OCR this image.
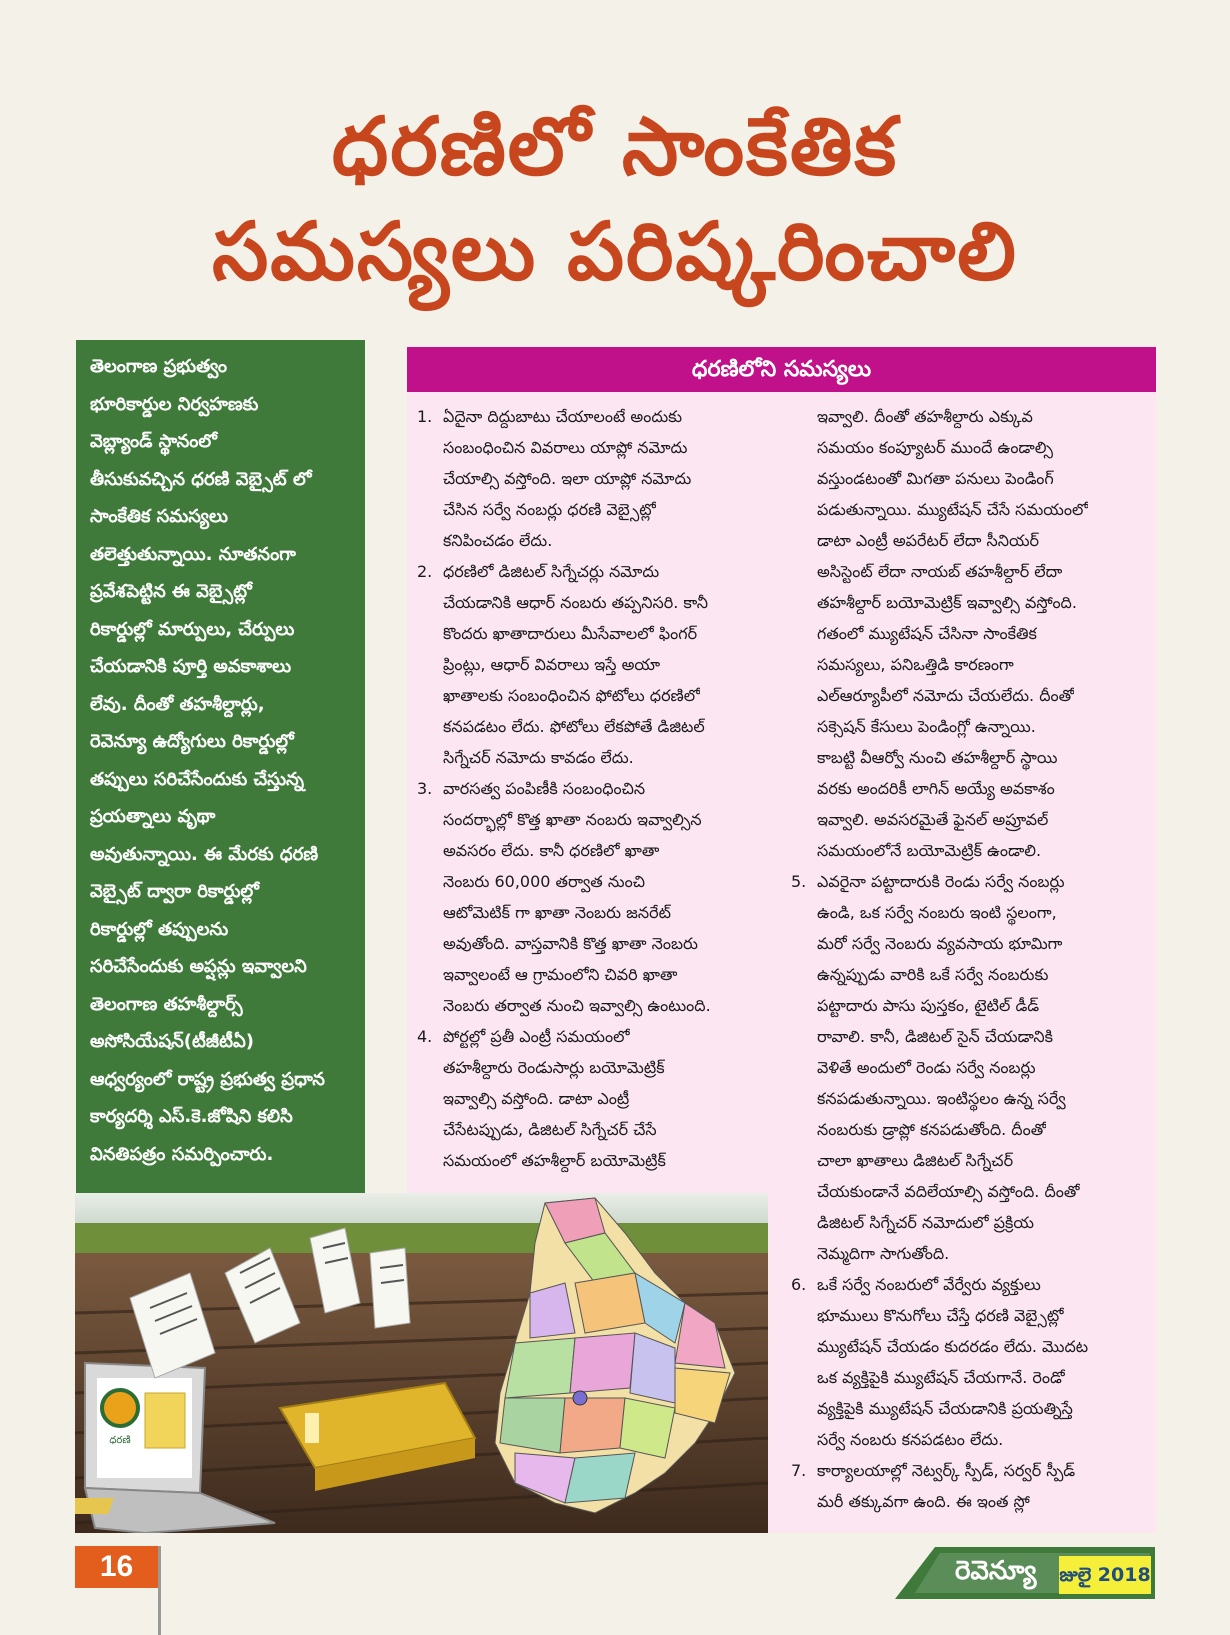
ధరణిలో సాంకేతిక
సమస్యలు పరిష్కరించాలి
తెలంగాణ ప్రభుత్వం
భూరికార్డుల నిర్వహణకు
వెబ్ల్యాండ్ స్థానంలో
తీసుకువచ్చిన ధరణి వెబ్సైట్ లో
సాంకేతిక సమస్యలు
తలెత్తుతున్నాయి. నూతనంగా
ప్రవేశపెట్టిన ఈ వెబ్సైట్లో
రికార్డుల్లో మార్పులు, చేర్పులు
చేయడానికి పూర్తి అవకాశాలు
లేవు. దీంతో తహశీల్దార్లు,
రెవెన్యూ ఉద్యోగులు రికార్డుల్లో
తప్పులు సరిచేసేందుకు చేస్తున్న
ప్రయత్నాలు వృథా
అవుతున్నాయి. ఈ మేరకు ధరణి
వెబ్సైట్ ద్వారా రికార్డుల్లో
రికార్డుల్లో తప్పులను
సరిచేసేందుకు అప్షన్లు ఇవ్వాలని
తెలంగాణ తహశీల్దార్స్
అసోసియేషన్(టీజీటీఏ)
ఆధ్వర్యంలో రాష్ట్ర ప్రభుత్వ ప్రధాన
కార్యదర్శి ఎస్.కె.జోషిని కలిసి
వినతిపత్రం సమర్పించారు.
ధరణిలోని సమస్యలు
1. ఏదైనా దిద్దుబాటు చేయాలంటే అందుకు
సంబంధించిన వివరాలు యాప్లో నమోదు
చేయాల్సి వస్తోంది. ఇలా యాప్లో నమోదు
చేసిన సర్వే నంబర్లు ధరణి వెబ్సైట్లో
కనిపించడం లేదు.
2. ధరణిలో డిజిటల్ సిగ్నేచర్లు నమోదు
చేయడానికి ఆధార్ నంబరు తప్పనిసరి. కానీ
కొందరు ఖాతాదారులు మీసేవాలలో ఫింగర్
ప్రింట్లు, ఆధార్ వివరాలు ఇస్తే అయా
ఖాతాలకు సంబంధించిన ఫోటోలు ధరణిలో
కనపడటం లేదు. ఫోటోలు లేకపోతే డిజిటల్
సిగ్నేచర్ నమోదు కావడం లేదు.
3. వారసత్వ పంపిణీకి సంబంధించిన
సందర్భాల్లో కొత్త ఖాతా నంబరు ఇవ్వాల్సిన
అవసరం లేదు. కానీ ధరణిలో ఖాతా
నెంబరు 60,000 తర్వాత నుంచి
ఆటోమెటిక్ గా ఖాతా నెంబరు జనరేట్
అవుతోంది. వాస్తవానికి కొత్త ఖాతా నెంబరు
ఇవ్వాలంటే ఆ గ్రామంలోని చివరి ఖాతా
నెంబరు తర్వాత నుంచి ఇవ్వాల్సి ఉంటుంది.
4. పోర్టల్లో ప్రతీ ఎంట్రీ సమయంలో
తహశీల్దారు రెండుసార్లు బయోమెట్రిక్
ఇవ్వాల్సి వస్తోంది. డాటా ఎంట్రీ
చేసేటప్పుడు, డిజిటల్ సిగ్నేచర్ చేసే
సమయంలో తహశీల్దార్ బయోమెట్రిక్
ఇవ్వాలి. దీంతో తహశీల్దారు ఎక్కువ
సమయం కంప్యూటర్ ముందే ఉండాల్సి
వస్తుండటంతో మిగతా పనులు పెండింగ్
పడుతున్నాయి. మ్యుటేషన్ చేసే సమయంలో
డాటా ఎంట్రీ అపరేటర్ లేదా సీనియర్
అసిస్టెంట్ లేదా నాయబ్ తహశీల్దార్ లేదా
తహశీల్దార్ బయోమెట్రిక్ ఇవ్వాల్సి వస్తోంది.
గతంలో మ్యుటేషన్ చేసినా సాంకేతిక
సమస్యలు, పనిఒత్తిడి కారణంగా
ఎల్ఆర్యూపీలో నమోదు చేయలేదు. దీంతో
సక్సెషన్ కేసులు పెండింగ్లో ఉన్నాయి.
కాబట్టి వీఆర్వో నుంచి తహశీల్దార్ స్థాయి
వరకు అందరికీ లాగిన్ అయ్యే అవకాశం
ఇవ్వాలి. అవసరమైతే ఫైనల్ అప్రూవల్
సమయంలోనే బయోమెట్రిక్ ఉండాలి.
5. ఎవరైనా పట్టాదారుకి రెండు సర్వే నంబర్లు
ఉండి, ఒక సర్వే నంబరు ఇంటి స్థలంగా,
మరో సర్వే నెంబరు వ్యవసాయ భూమిగా
ఉన్నప్పుడు వారికి ఒకే సర్వే నంబరుకు
పట్టాదారు పాసు పుస్తకం, టైటిల్ డీడ్
రావాలి. కానీ, డిజిటల్ సైన్ చేయడానికి
వెళితే అందులో రెండు సర్వే నంబర్లు
కనపడుతున్నాయి. ఇంటిస్థలం ఉన్న సర్వే
నంబరుకు డ్రాప్లో కనపడుతోంది. దీంతో
చాలా ఖాతాలు డిజిటల్ సిగ్నేచర్
చేయకుండానే వదిలేయాల్సి వస్తోంది. దీంతో
డిజిటల్ సిగ్నేచర్ నమోదులో ప్రక్రియ
నెమ్మదిగా సాగుతోంది.
6. ఒకే సర్వే నంబరులో వేర్వేరు వ్యక్తులు
భూములు కొనుగోలు చేస్తే ధరణి వెబ్సైట్లో
మ్యుటేషన్ చేయడం కుదరడం లేదు. మొదట
ఒక వ్యక్తిపైకి మ్యుటేషన్ చేయగానే. రెండో
వ్యక్తిపైకి మ్యుటేషన్ చేయడానికి ప్రయత్నిస్తే
సర్వే నంబరు కనపడటం లేదు.
7. కార్యాలయాల్లో నెట్వర్క్ స్పీడ్, సర్వర్ స్పీడ్
మరీ తక్కువగా ఉంది. ఈ ఇంత స్లో
ధరణి
16	రెవెన్యూ జులై 2018
